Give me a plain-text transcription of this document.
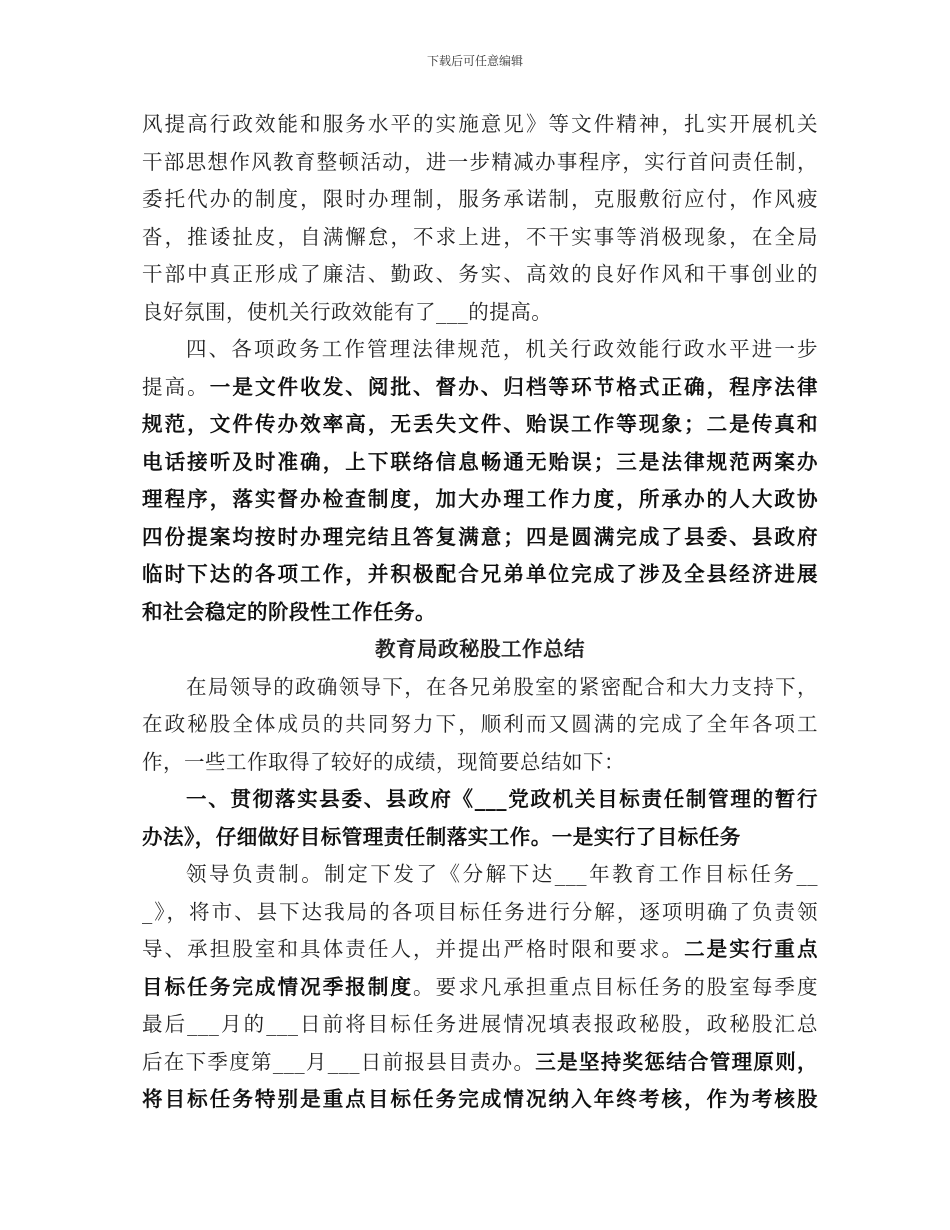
下载后可任意编辑
风提高行政效能和服务水平的实施意见》等文件精神，扎实开展机关
干部思想作风教育整顿活动，进一步精减办事程序，实行首问责任制，
委托代办的制度，限时办理制，服务承诺制，克服敷衍应付，作风疲
沓，推诿扯皮，自满懈怠，不求上进，不干实事等消极现象，在全局
干部中真正形成了廉洁、勤政、务实、高效的良好作风和干事创业的
良好氛围，使机关行政效能有了___的提高。
四、各项政务工作管理法律规范，机关行政效能行政水平进一步
提高。一是文件收发、阅批、督办、归档等环节格式正确，程序法律
规范，文件传办效率高，无丢失文件、贻误工作等现象；二是传真和
电话接听及时准确，上下联络信息畅通无贻误；三是法律规范两案办
理程序，落实督办检查制度，加大办理工作力度，所承办的人大政协
四份提案均按时办理完结且答复满意；四是圆满完成了县委、县政府
临时下达的各项工作，并积极配合兄弟单位完成了涉及全县经济进展
和社会稳定的阶段性工作任务。
教育局政秘股工作总结
在局领导的政确领导下，在各兄弟股室的紧密配合和大力支持下，
在政秘股全体成员的共同努力下，顺利而又圆满的完成了全年各项工
作，一些工作取得了较好的成绩，现简要总结如下：
一、贯彻落实县委、县政府《___党政机关目标责任制管理的暂行
办法》，仔细做好目标管理责任制落实工作。一是实行了目标任务
领导负责制。制定下发了《分解下达___年教育工作目标任务__
_》，将市、县下达我局的各项目标任务进行分解，逐项明确了负责领
导、承担股室和具体责任人，并提出严格时限和要求。二是实行重点
目标任务完成情况季报制度。要求凡承担重点目标任务的股室每季度
最后___月的___日前将目标任务进展情况填表报政秘股，政秘股汇总
后在下季度第___月___日前报县目责办。三是坚持奖惩结合管理原则，
将目标任务特别是重点目标任务完成情况纳入年终考核，作为考核股
